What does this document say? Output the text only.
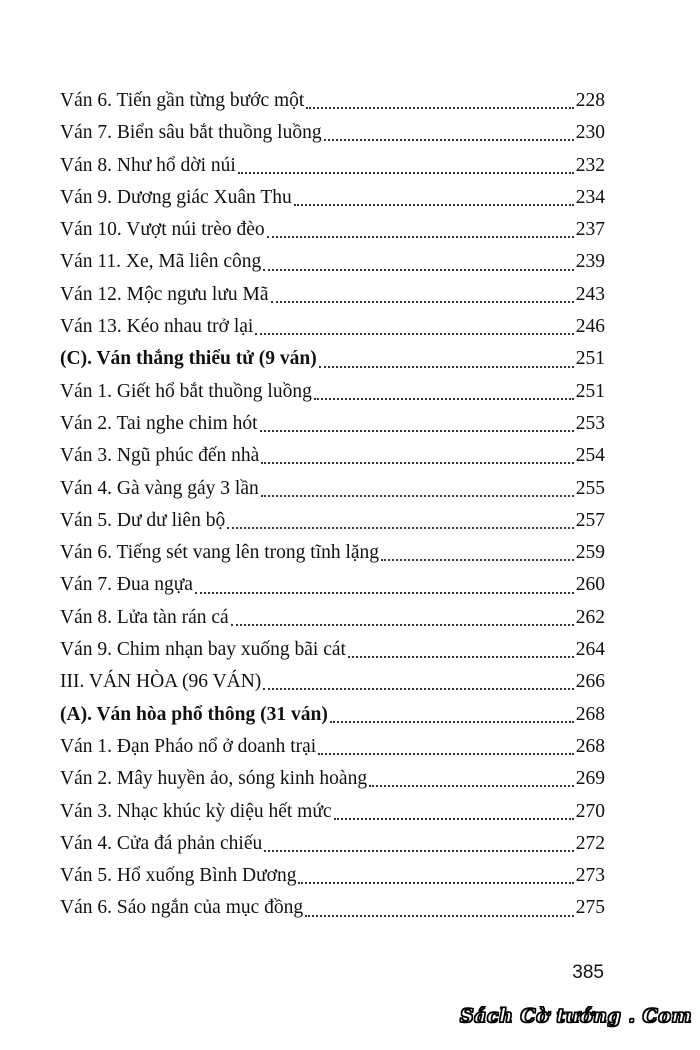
Ván 6. Tiến gần từng bước một	228
Ván 7. Biển sâu bắt thuồng luồng	230
Ván 8. Như hổ dời núi	232
Ván 9. Dương giác Xuân Thu	234
Ván 10. Vượt núi trèo đèo	237
Ván 11. Xe, Mã liên công	239
Ván 12. Mộc ngưu lưu Mã	243
Ván 13. Kéo nhau trở lại	246
(C). Ván thắng thiểu tử (9 ván)	251
Ván 1. Giết hổ bắt thuồng luồng	251
Ván 2. Tai nghe chim hót	253
Ván 3. Ngũ phúc đến nhà	254
Ván 4. Gà vàng gáy 3 lần	255
Ván 5. Dư dư liên bộ	257
Ván 6. Tiếng sét vang lên trong tĩnh lặng	259
Ván 7. Đua ngựa	260
Ván 8. Lửa tàn rán cá	262
Ván 9. Chim nhạn bay xuống bãi cát	264
III. VÁN HÒA (96 VÁN)	266
(A). Ván hòa phổ thông (31 ván)	268
Ván 1. Đạn Pháo nổ ở doanh trại	268
Ván 2. Mây huyền ảo, sóng kinh hoàng	269
Ván 3. Nhạc khúc kỳ diệu hết mức	270
Ván 4. Cửa đá phản chiếu	272
Ván 5. Hổ xuống Bình Dương	273
Ván 6. Sáo ngắn của mục đồng	275
385
Sách Cờ tướng . Com
